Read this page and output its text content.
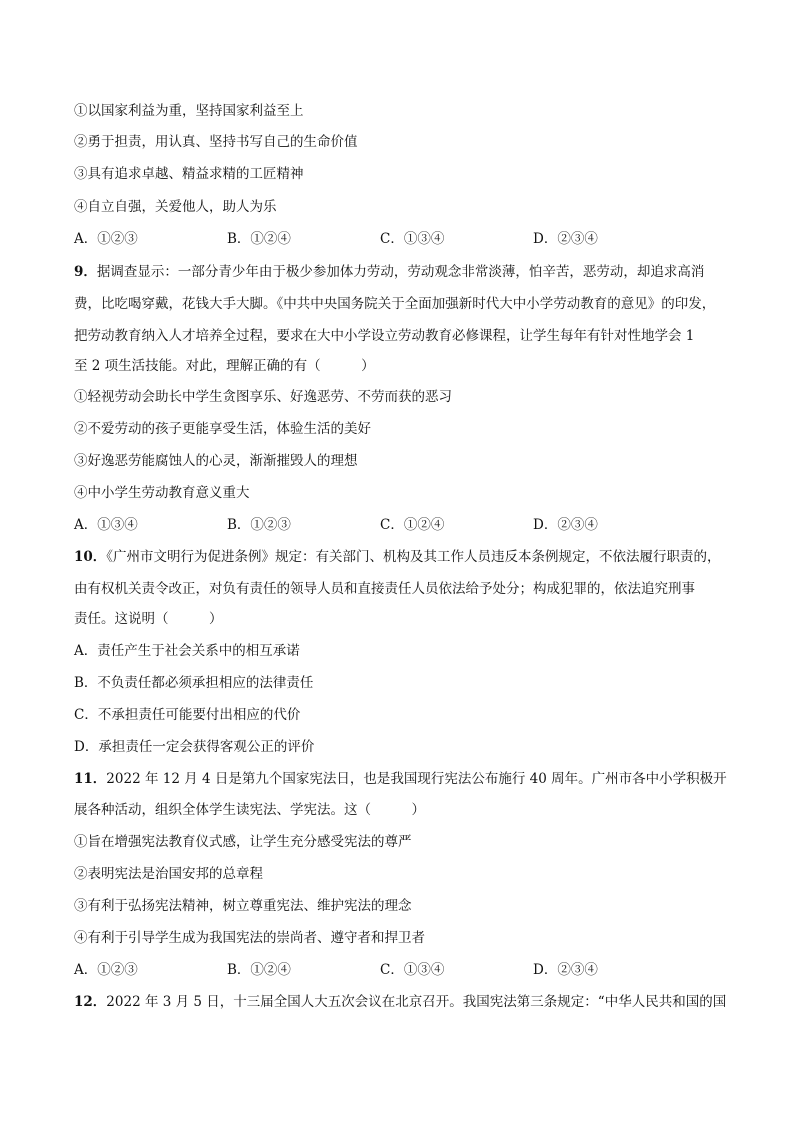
①以国家利益为重，坚持国家利益至上
②勇于担责，用认真、坚持书写自己的生命价值
③具有追求卓越、精益求精的工匠精神
④自立自强，关爱他人，助人为乐
A．①②③	B．①②④	C．①③④	D．②③④
9．据调查显示：一部分青少年由于极少参加体力劳动，劳动观念非常淡薄，怕辛苦，恶劳动，却追求高消
费，比吃喝穿戴，花钱大手大脚。《中共中央国务院关于全面加强新时代大中小学劳动教育的意见》的印发，
把劳动教育纳入人才培养全过程，要求在大中小学设立劳动教育必修课程，让学生每年有针对性地学会 1
至 2 项生活技能。对此，理解正确的有（　　　）
①轻视劳动会助长中学生贪图享乐、好逸恶劳、不劳而获的恶习
②不爱劳动的孩子更能享受生活，体验生活的美好
③好逸恶劳能腐蚀人的心灵，渐渐摧毁人的理想
④中小学生劳动教育意义重大
A．①③④	B．①②③	C．①②④	D．②③④
10．《广州市文明行为促进条例》规定：有关部门、机构及其工作人员违反本条例规定，不依法履行职责的，
由有权机关责令改正，对负有责任的领导人员和直接责任人员依法给予处分；构成犯罪的，依法追究刑事
责任。这说明（　　　）
A．责任产生于社会关系中的相互承诺
B．不负责任都必须承担相应的法律责任
C．不承担责任可能要付出相应的代价
D．承担责任一定会获得客观公正的评价
11．2022 年 12 月 4 日是第九个国家宪法日，也是我国现行宪法公布施行 40 周年。广州市各中小学积极开
展各种活动，组织全体学生读宪法、学宪法。这（　　　）
①旨在增强宪法教育仪式感，让学生充分感受宪法的尊严
②表明宪法是治国安邦的总章程
③有利于弘扬宪法精神，树立尊重宪法、维护宪法的理念
④有利于引导学生成为我国宪法的崇尚者、遵守者和捍卫者
A．①②③	B．①②④	C．①③④	D．②③④
12．2022 年 3 月 5 日，十三届全国人大五次会议在北京召开。我国宪法第三条规定：“中华人民共和国的国
